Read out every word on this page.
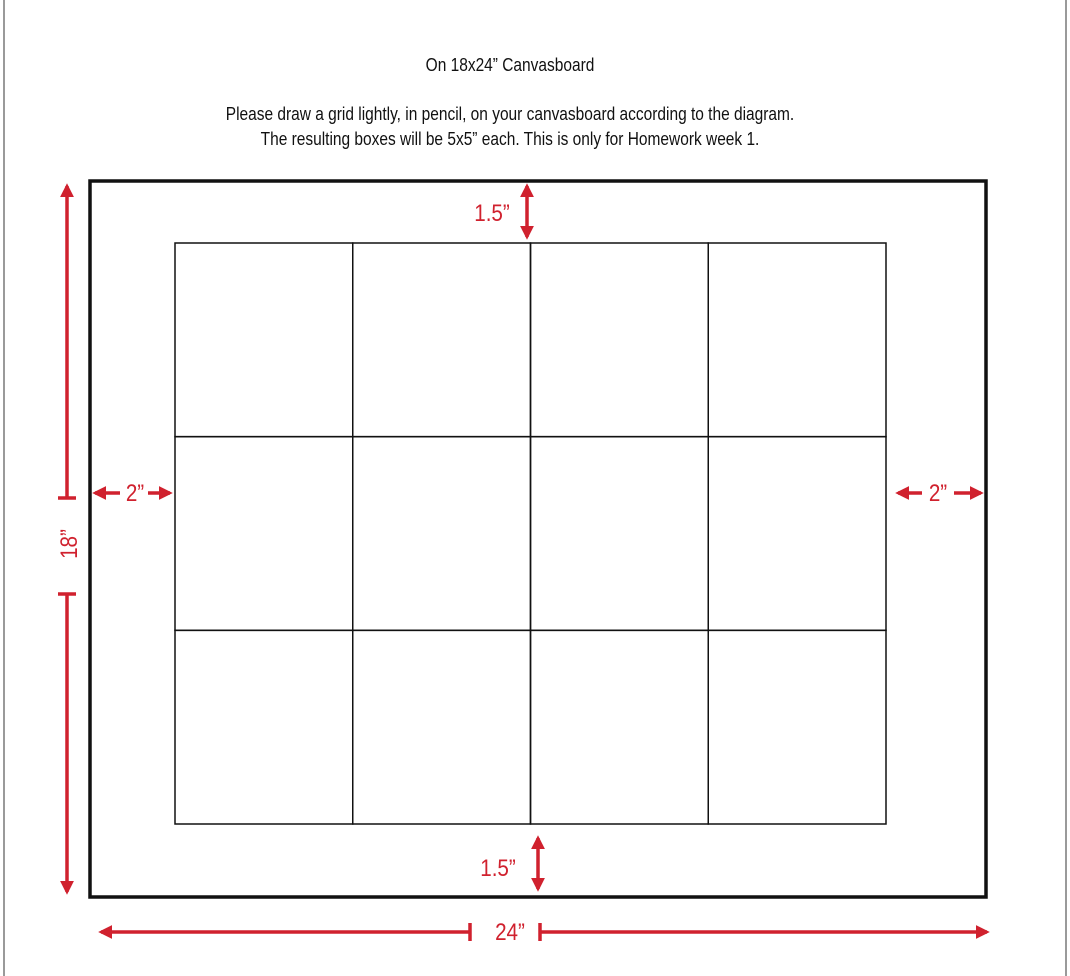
On 18x24” Canvasboard
Please draw a grid lightly, in pencil, on your canvasboard according to the diagram.
The resulting boxes will be 5x5” each. This is only for Homework week 1.
18”
24”
1.5”
1.5”
2”	2”
